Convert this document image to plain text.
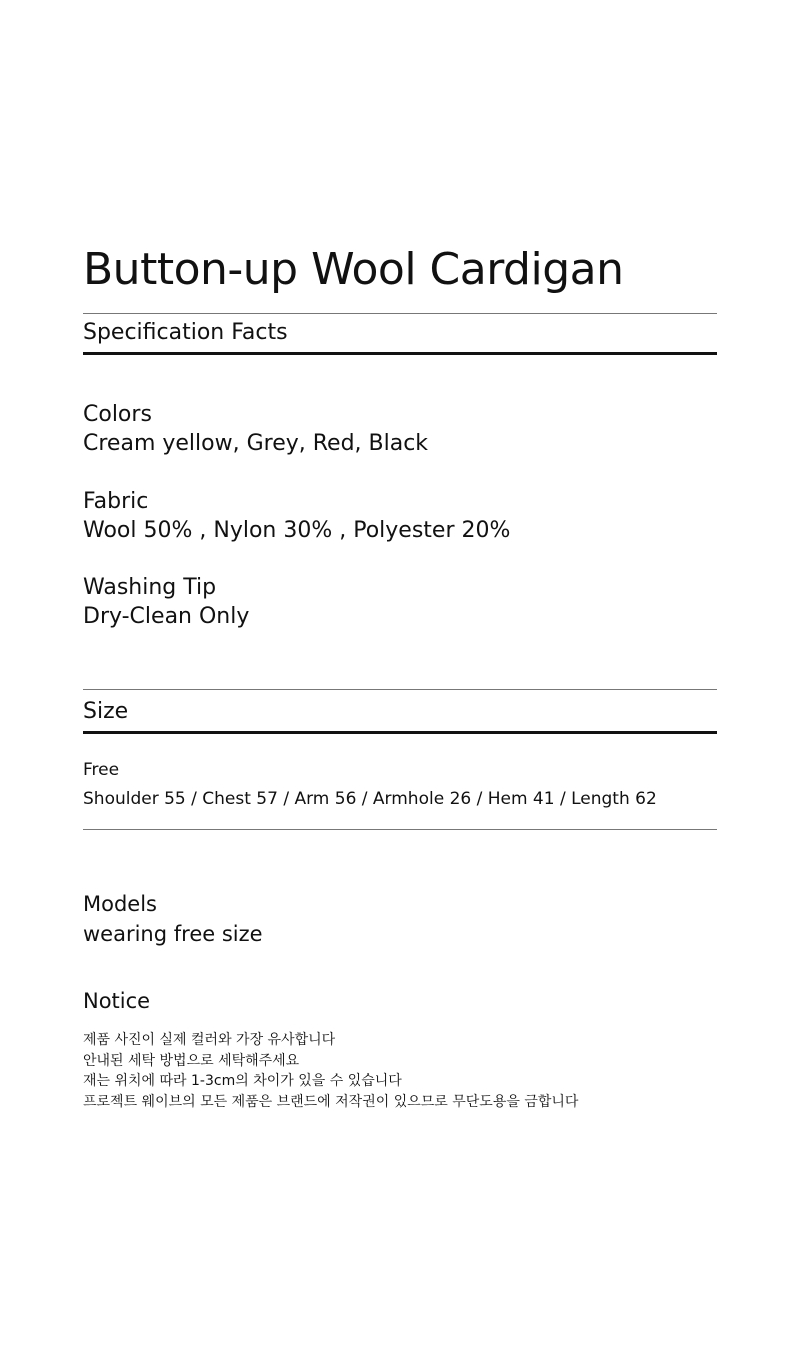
Button-up Wool Cardigan
Specification Facts
Colors
Cream yellow, Grey, Red, Black
Fabric
Wool 50% , Nylon 30% , Polyester 20%
Washing Tip
Dry-Clean Only
Size
Free
Shoulder 55 / Chest 57 / Arm 56 / Armhole 26 / Hem 41 / Length 62
Models
wearing free size
Notice
제품 사진이 실제 컬러와 가장 유사합니다
안내된 세탁 방법으로 세탁해주세요
재는 위치에 따라 1-3cm의 차이가 있을 수 있습니다
프로젝트 웨이브의 모든 제품은 브랜드에 저작권이 있으므로 무단도용을 금합니다
